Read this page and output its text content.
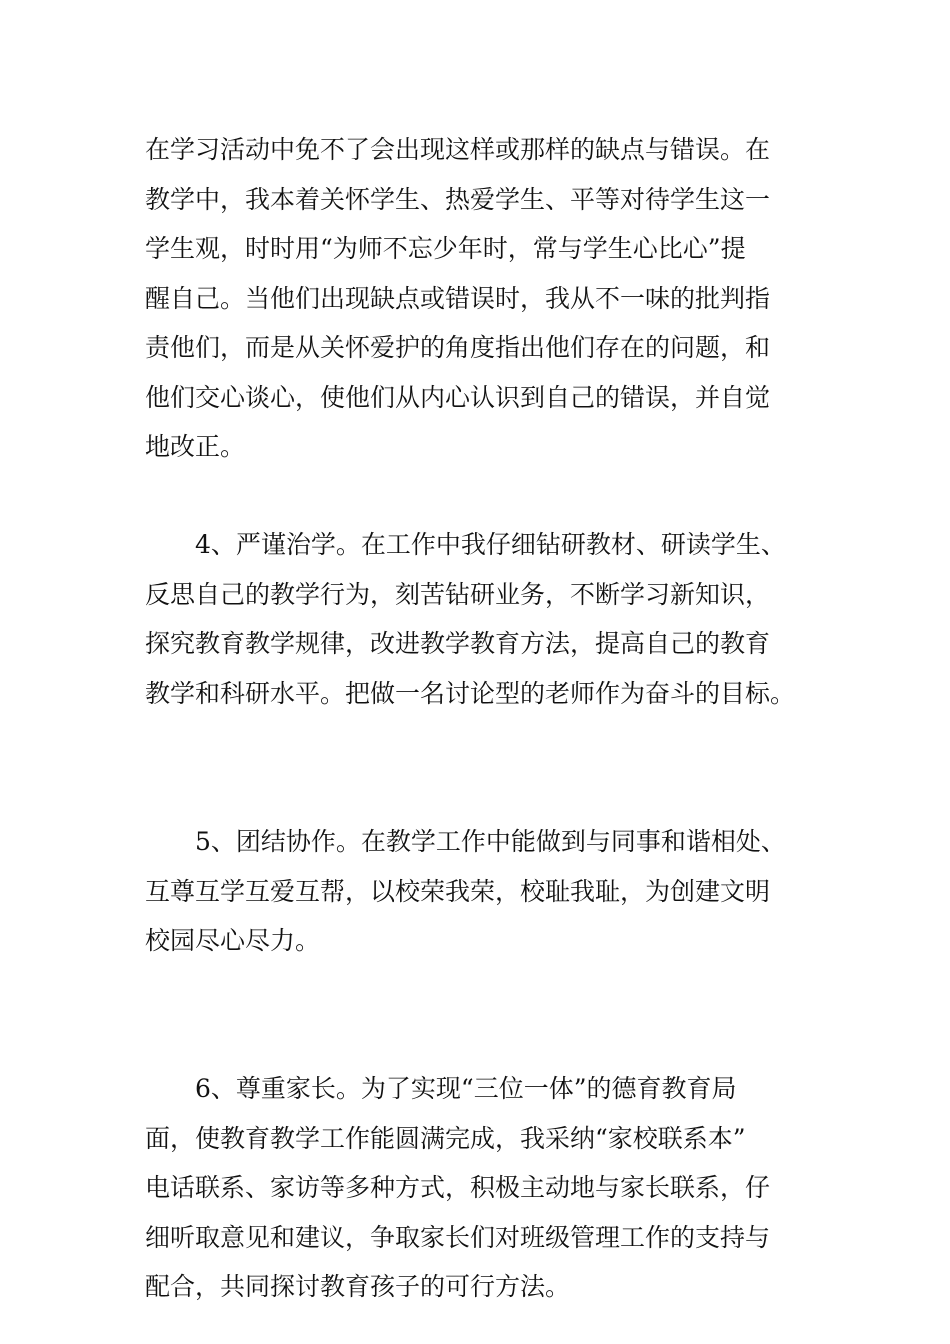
在学习活动中免不了会出现这样或那样的缺点与错误。在
教学中，我本着关怀学生、热爱学生、平等对待学生这一
学生观，时时用“为师不忘少年时，常与学生心比心”提
醒自己。当他们出现缺点或错误时，我从不一味的批判指
责他们，而是从关怀爱护的角度指出他们存在的问题，和
他们交心谈心，使他们从内心认识到自己的错误，并自觉
地改正。

　　4、严谨治学。在工作中我仔细钻研教材、研读学生、
反思自己的教学行为，刻苦钻研业务，不断学习新知识，
探究教育教学规律，改进教学教育方法，提高自己的教育
教学和科研水平。把做一名讨论型的老师作为奋斗的目标。

　　5、团结协作。在教学工作中能做到与同事和谐相处、
互尊互学互爱互帮，以校荣我荣，校耻我耻，为创建文明
校园尽心尽力。

　　6、尊重家长。为了实现“三位一体”的德育教育局
面，使教育教学工作能圆满完成，我采纳“家校联系本”
电话联系、家访等多种方式，积极主动地与家长联系，仔
细听取意见和建议，争取家长们对班级管理工作的支持与
配合，共同探讨教育孩子的可行方法。
